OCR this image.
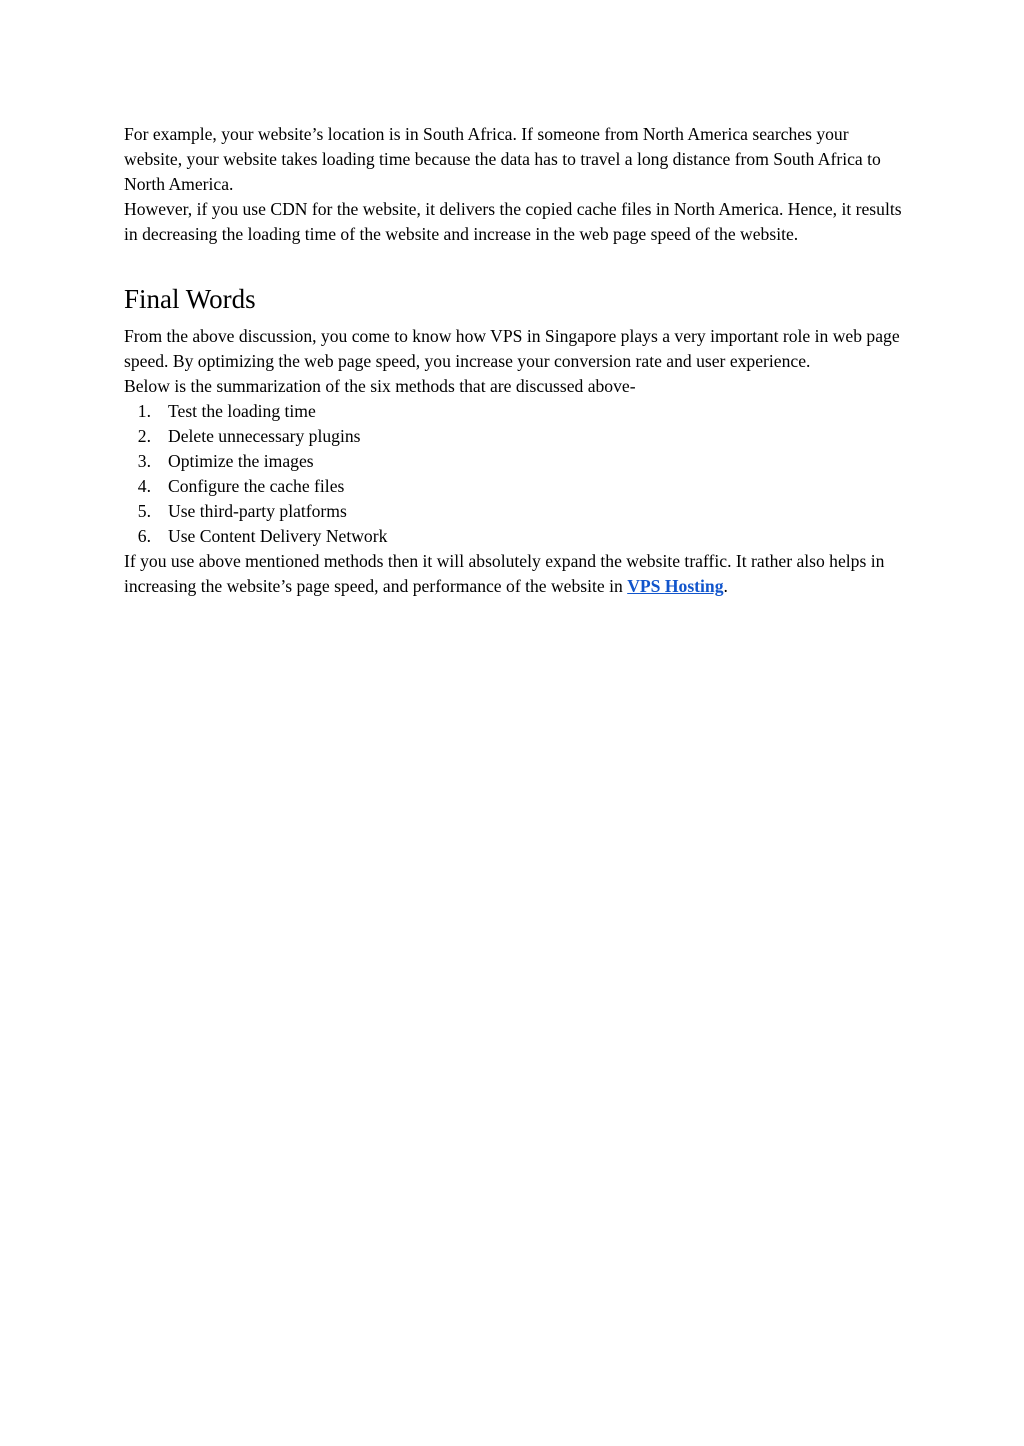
For example, your website’s location is in South Africa. If someone from North America searches your website, your website takes loading time because the data has to travel a long distance from South Africa to North America.

However, if you use CDN for the website, it delivers the copied cache files in North America. Hence, it results in decreasing the loading time of the website and increase in the web page speed of the website.

Final Words

From the above discussion, you come to know how VPS in Singapore plays a very important role in web page speed. By optimizing the web page speed, you increase your conversion rate and user experience.

Below is the summarization of the six methods that are discussed above-

1. Test the loading time
2. Delete unnecessary plugins
3. Optimize the images
4. Configure the cache files
5. Use third-party platforms
6. Use Content Delivery Network

If you use above mentioned methods then it will absolutely expand the website traffic. It rather also helps in increasing the website’s page speed, and performance of the website in VPS Hosting.
